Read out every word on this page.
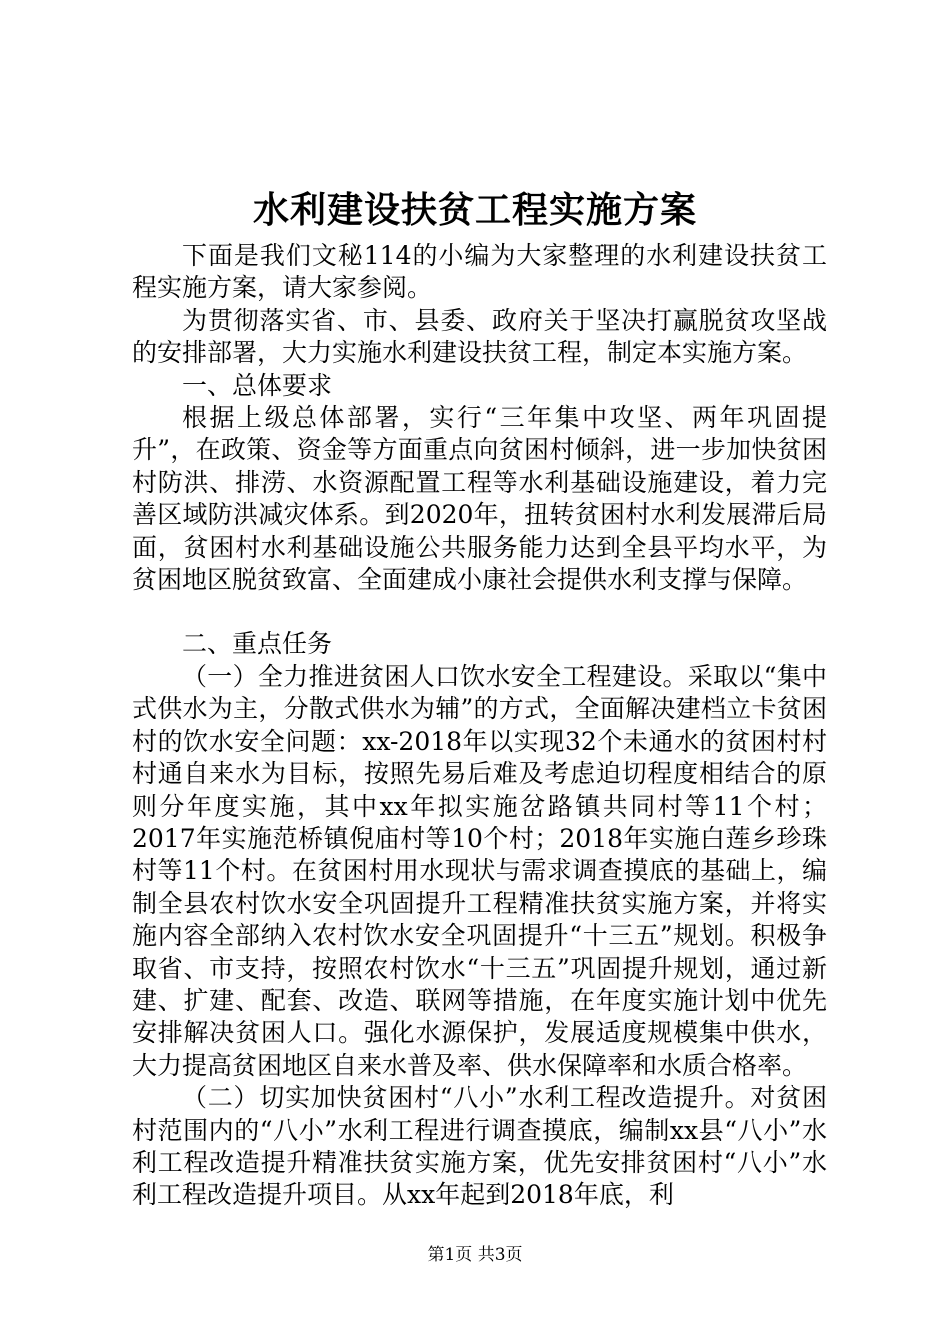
水利建设扶贫工程实施方案

下面是我们文秘114的小编为大家整理的水利建设扶贫工程实施方案，请大家参阅。

为贯彻落实省、市、县委、政府关于坚决打赢脱贫攻坚战的安排部署，大力实施水利建设扶贫工程，制定本实施方案。

一、总体要求

根据上级总体部署，实行“三年集中攻坚、两年巩固提升”，在政策、资金等方面重点向贫困村倾斜，进一步加快贫困村防洪、排涝、水资源配置工程等水利基础设施建设，着力完善区域防洪减灾体系。到2020年，扭转贫困村水利发展滞后局面，贫困村水利基础设施公共服务能力达到全县平均水平，为贫困地区脱贫致富、全面建成小康社会提供水利支撑与保障。

二、重点任务

（一）全力推进贫困人口饮水安全工程建设。采取以“集中式供水为主，分散式供水为辅”的方式，全面解决建档立卡贫困村的饮水安全问题：xx-2018年以实现32个未通水的贫困村村村通自来水为目标，按照先易后难及考虑迫切程度相结合的原则分年度实施，其中xx年拟实施岔路镇共同村等11个村；2017年实施范桥镇倪庙村等10个村；2018年实施白莲乡珍珠村等11个村。在贫困村用水现状与需求调查摸底的基础上，编制全县农村饮水安全巩固提升工程精准扶贫实施方案，并将实施内容全部纳入农村饮水安全巩固提升“十三五”规划。积极争取省、市支持，按照农村饮水“十三五”巩固提升规划，通过新建、扩建、配套、改造、联网等措施，在年度实施计划中优先安排解决贫困人口。强化水源保护，发展适度规模集中供水，大力提高贫困地区自来水普及率、供水保障率和水质合格率。

（二）切实加快贫困村“八小”水利工程改造提升。对贫困村范围内的“八小”水利工程进行调查摸底，编制xx县“八小”水利工程改造提升精准扶贫实施方案，优先安排贫困村“八小”水利工程改造提升项目。从xx年起到2018年底，利

第1页 共3页
